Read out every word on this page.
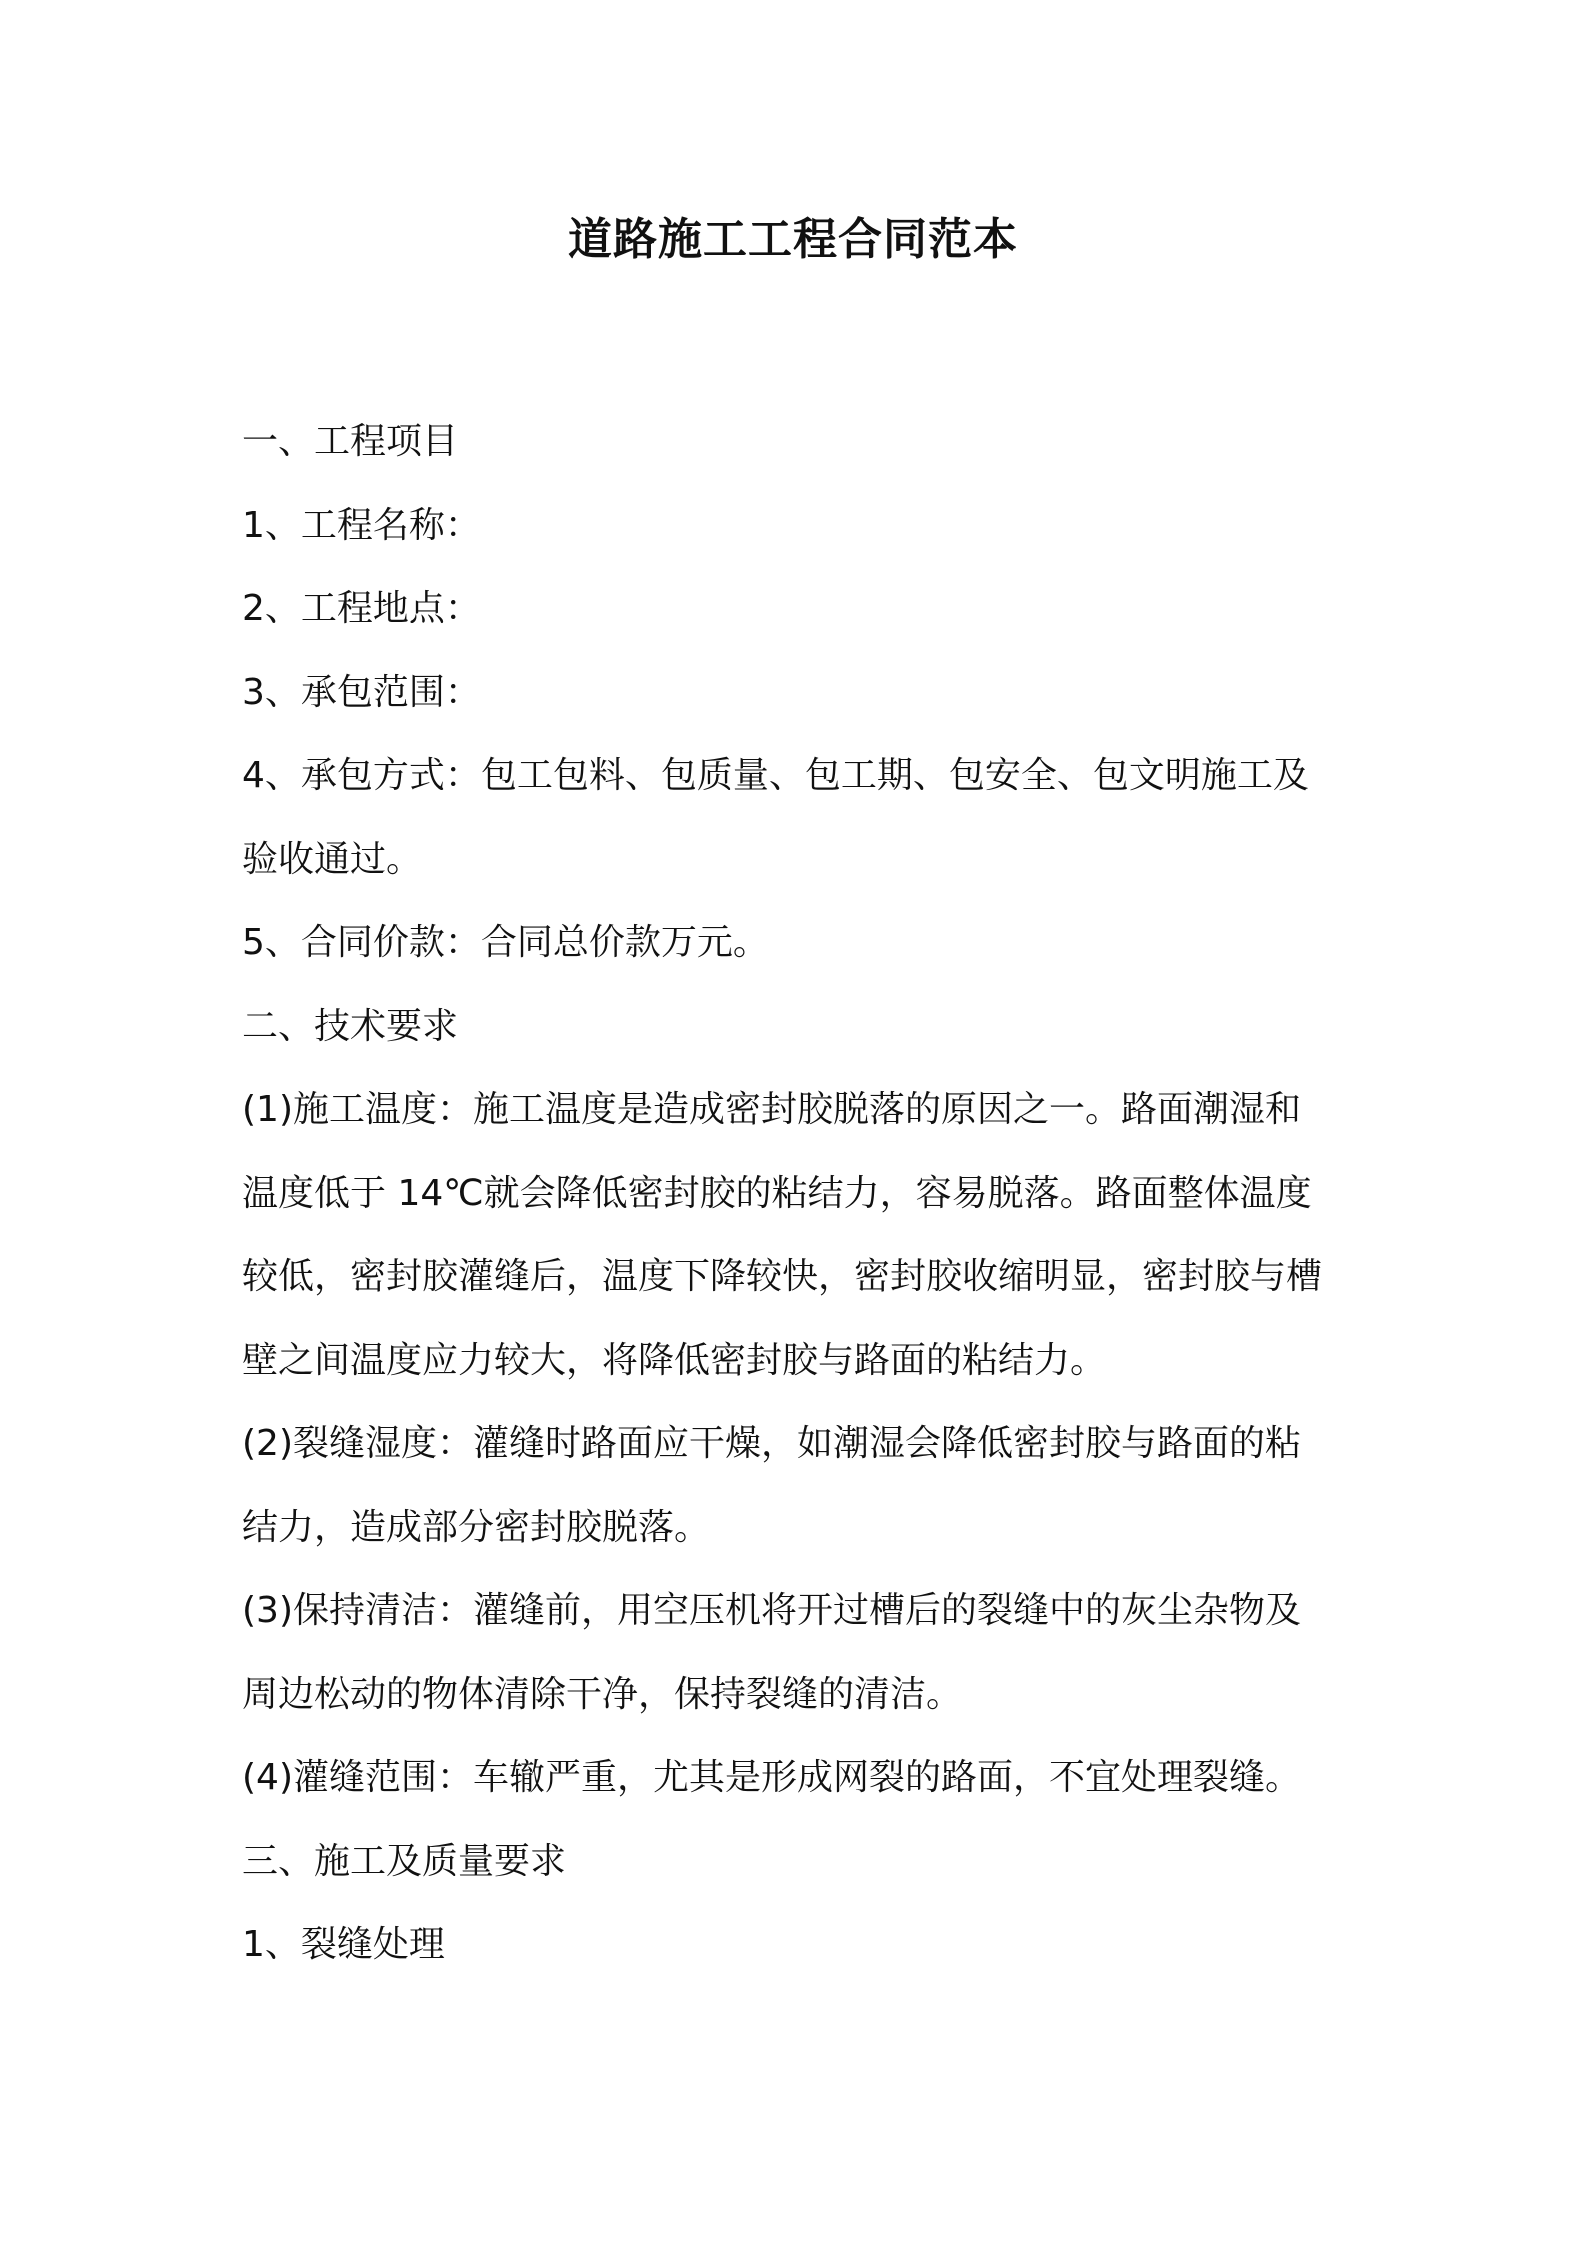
道路施工工程合同范本

一、工程项目

1、工程名称：

2、工程地点：

3、承包范围：

4、承包方式：包工包料、包质量、包工期、包安全、包文明施工及

验收通过。

5、合同价款：合同总价款万元。

二、技术要求

(1)施工温度：施工温度是造成密封胶脱落的原因之一。路面潮湿和

温度低于 14℃就会降低密封胶的粘结力，容易脱落。路面整体温度

较低，密封胶灌缝后，温度下降较快，密封胶收缩明显，密封胶与槽

壁之间温度应力较大，将降低密封胶与路面的粘结力。

(2)裂缝湿度：灌缝时路面应干燥，如潮湿会降低密封胶与路面的粘

结力，造成部分密封胶脱落。

(3)保持清洁：灌缝前，用空压机将开过槽后的裂缝中的灰尘杂物及

周边松动的物体清除干净，保持裂缝的清洁。

(4)灌缝范围：车辙严重，尤其是形成网裂的路面，不宜处理裂缝。

三、施工及质量要求

1、裂缝处理
